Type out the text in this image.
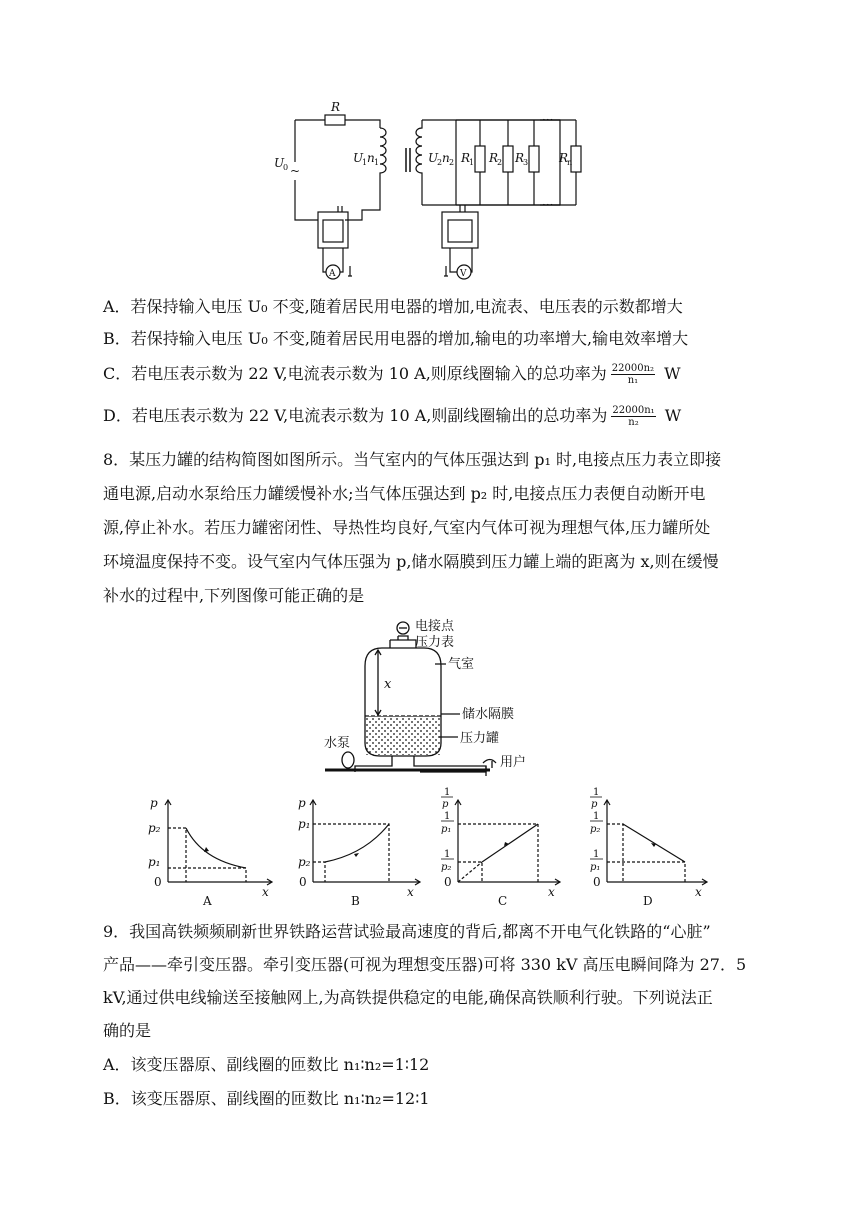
R
U
0 ~
U
1 n 1	U
2 n 2 R
1 R
2 R
3	R
n
···
···
A	V
A．若保持输入电压 U₀ 不变,随着居民用电器的增加,电流表、电压表的示数都增大
B．若保持输入电压 U₀ 不变,随着居民用电器的增加,输电的功率增大,输电效率增大
C．若电压表示数为 22 V,电流表示数为 10 A,则原线圈输入的总功率为 $\frac{\text{22000n₂}}{\text{n₁}}$ W
D．若电压表示数为 22 V,电流表示数为 10 A,则副线圈输出的总功率为 $\frac{\text{22000n₁}}{\text{n₂}}$ W
8．某压力罐的结构简图如图所示。当气室内的气体压强达到 p₁ 时,电接点压力表立即接
通电源,启动水泵给压力罐缓慢补水;当气体压强达到 p₂ 时,电接点压力表便自动断开电
源,停止补水。若压力罐密闭性、导热性均良好,气室内气体可视为理想气体,压力罐所处
环境温度保持不变。设气室内气体压强为 p,储水隔膜到压力罐上端的距离为 x,则在缓慢
补水的过程中,下列图像可能正确的是
电接点
压力表
气室
x
储水隔膜
水泵	压力罐
用户
p
p₂
p₁
0
x
A
p
p₁
p₂
0
x
B
1
p
1
p₁
1
p₂
0
x
C
1
p
1
p₂
1
p₁
0
x
D
9．我国高铁频频刷新世界铁路运营试验最高速度的背后,都离不开电气化铁路的“心脏”
产品——牵引变压器。牵引变压器(可视为理想变压器)可将 330 kV 高压电瞬间降为 27．5
kV,通过供电线输送至接触网上,为高铁提供稳定的电能,确保高铁顺利行驶。下列说法正
确的是
A．该变压器原、副线圈的匝数比 n₁∶n₂=1∶12
B．该变压器原、副线圈的匝数比 n₁∶n₂=12∶1
